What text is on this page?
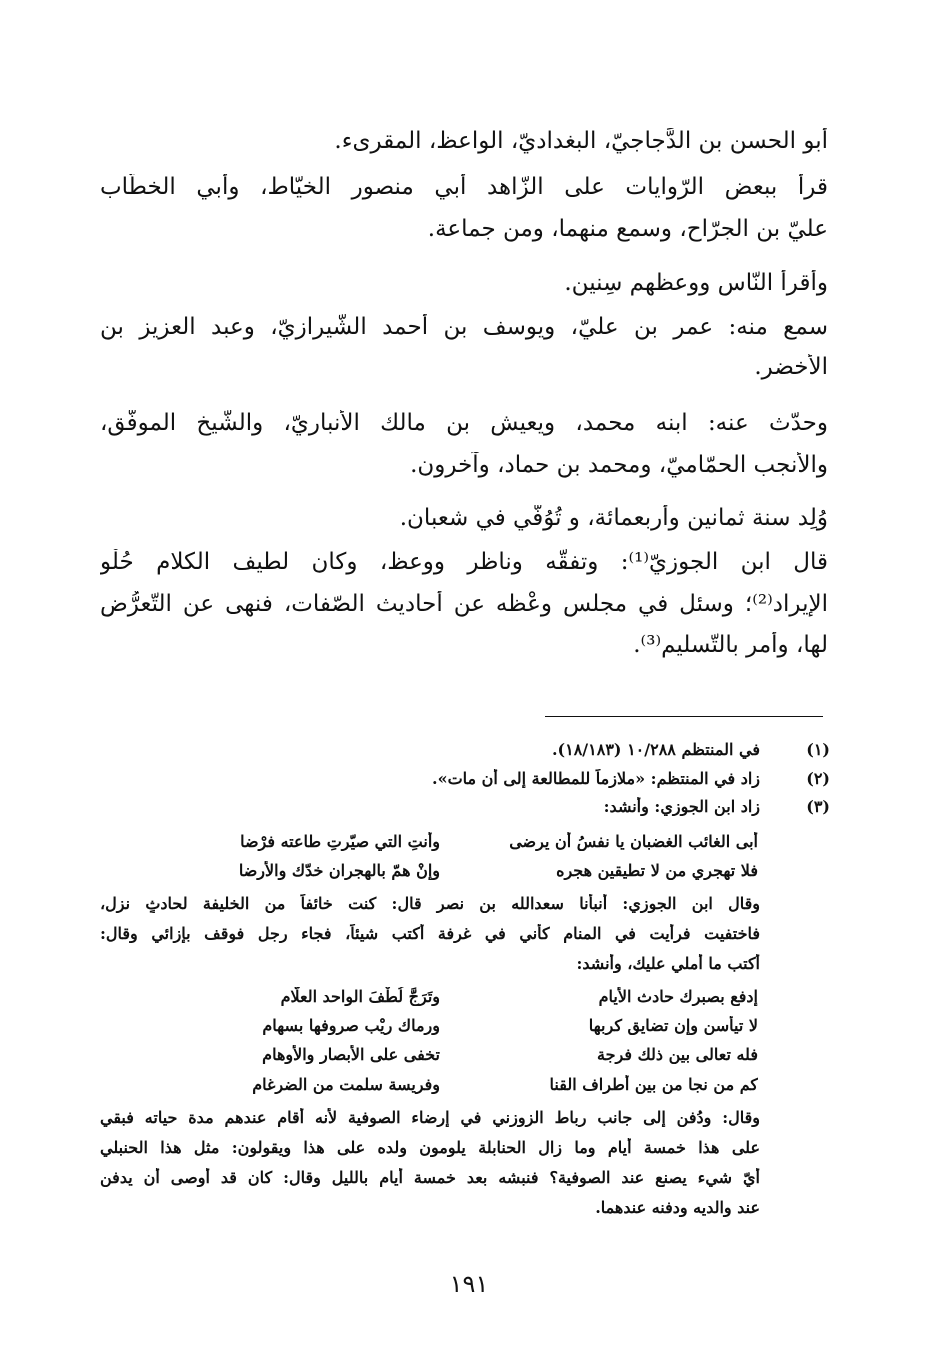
أبو الحسن بن الدَّجاجيّ، البغداديّ، الواعظ، المقرىء.
قرأ ببعض الرّوايات على الزّاهد أبي منصور الخيّاط، وأبي الخطّاب
عليّ بن الجرّاح، وسمع منهما، ومن جماعة.
وأقرأ النّاس ووعظهم سِنين.
سمع منه: عمر بن عليّ، ويوسف بن أحمد الشّيرازيّ، وعبد العزيز بن
الأخضر.
وحدّث عنه: ابنه محمد، ويعيش بن مالك الأنباريّ، والشّيخ الموفّق،
والأنجب الحمّاميّ، ومحمد بن حماد، وآخرون.
وُلِد سنة ثمانين وأربعمائة، و تُوُفّي في شعبان.
قال ابن الجوزيّ⁽¹⁾: وتفقّه وناظر ووعظ، وكان لطيف الكلام حُلْو
الإيراد⁽²⁾؛ وسئل في مجلس وعْظه عن أحاديث الصّفات، فنهى عن التّعرُّض
لها، وأمر بالتّسليم⁽³⁾.
(١)
في المنتظم ١٠/٢٨٨ (١٨/١٨٣).
(٢)
زاد في المنتظم: «ملازماً للمطالعة إلى أن مات».
(٣)
زاد ابن الجوزي: وأنشد:
أبى الغائب الغضبان يا نفسُ أن يرضى
وأنتِ التي صيّرتِ طاعته فرْضا
فلا تهجري من لا تطيقين هجره
وإنْ همّ بالهجران خدّك والأرضا
وقال ابن الجوزي: أنبأنا سعدالله بن نصر قال: كنت خائفاً من الخليفة لحادثٍ نزل،
فاختفيت فرأيت في المنام كأني في غرفة أكتب شيئاً، فجاء رجل فوقف بإزائي وقال:
أكتب ما أملي عليك، وأنشد:
إدفع بصبرك حادث الأيام
وتَرَجَّ لُطْفَ الواحد العلّام
لا تيأسن وإن تضايق كربها
ورماك ريْب صروفها بسهام
فله تعالى بين ذلك فرجة
تخفى على الأبصار والأوهام
كم من نجا من بين أطراف القنا
وفريسة سلمت من الضرغام
وقال: ودُفن إلى جانب رباط الزوزني في إرضاء الصوفية لأنه أقام عندهم مدة حياته فبقي
على هذا خمسة أيام وما زال الحنابلة يلومون ولده على هذا ويقولون: مثل هذا الحنبلي
أيّ شيء يصنع عند الصوفية؟ فنبشه بعد خمسة أيام بالليل وقال: كان قد أوصى أن يدفن
عند والديه ودفنه عندهما.
١٩١
